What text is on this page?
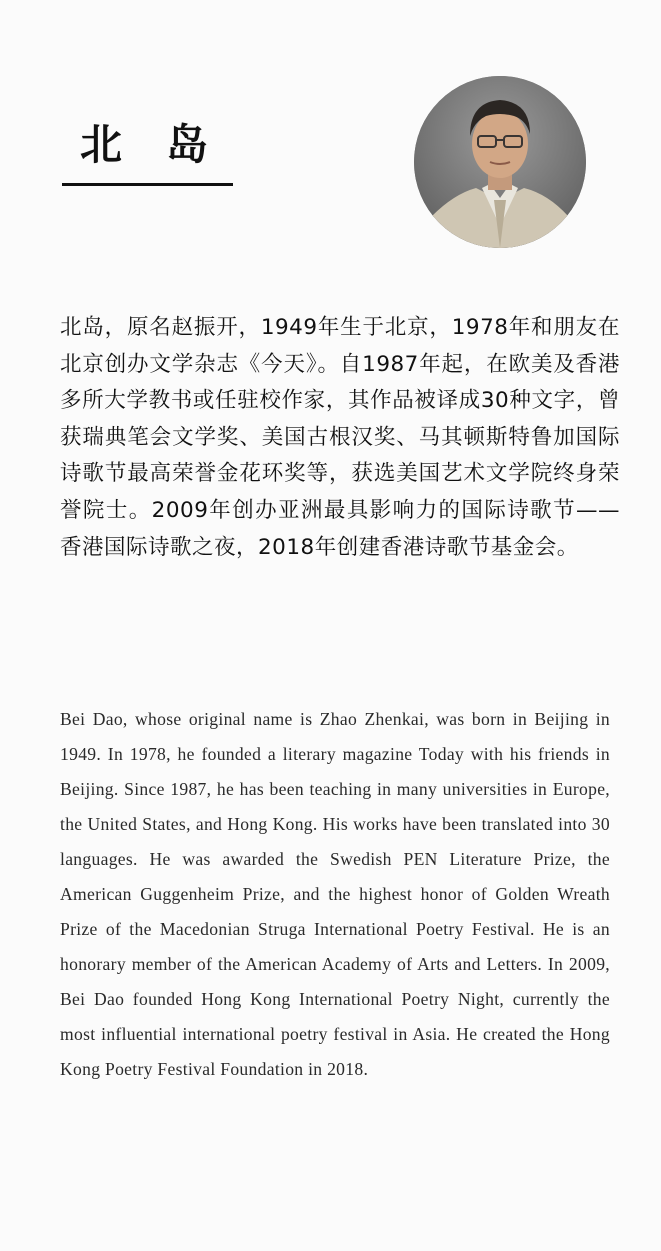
北岛

北岛，原名赵振开，1949年生于北京，1978年和朋友在北京创办文学杂志《今天》。自1987年起，在欧美及香港多所大学教书或任驻校作家，其作品被译成30种文字，曾获瑞典笔会文学奖、美国古根汉奖、马其顿斯特鲁加国际诗歌节最高荣誉金花环奖等，获选美国艺术文学院终身荣誉院士。2009年创办亚洲最具影响力的国际诗歌节——香港国际诗歌之夜，2018年创建香港诗歌节基金会。

Bei Dao, whose original name is Zhao Zhenkai, was born in Beijing in 1949. In 1978, he founded a literary magazine Today with his friends in Beijing. Since 1987, he has been teaching in many universities in Europe, the United States, and Hong Kong. His works have been translated into 30 languages. He was awarded the Swedish PEN Literature Prize, the American Guggenheim Prize, and the highest honor of Golden Wreath Prize of the Macedonian Struga International Poetry Festival. He is an honorary member of the American Academy of Arts and Letters. In 2009, Bei Dao founded Hong Kong International Poetry Night, currently the most influential international poetry festival in Asia. He created the Hong Kong Poetry Festival Foundation in 2018.
